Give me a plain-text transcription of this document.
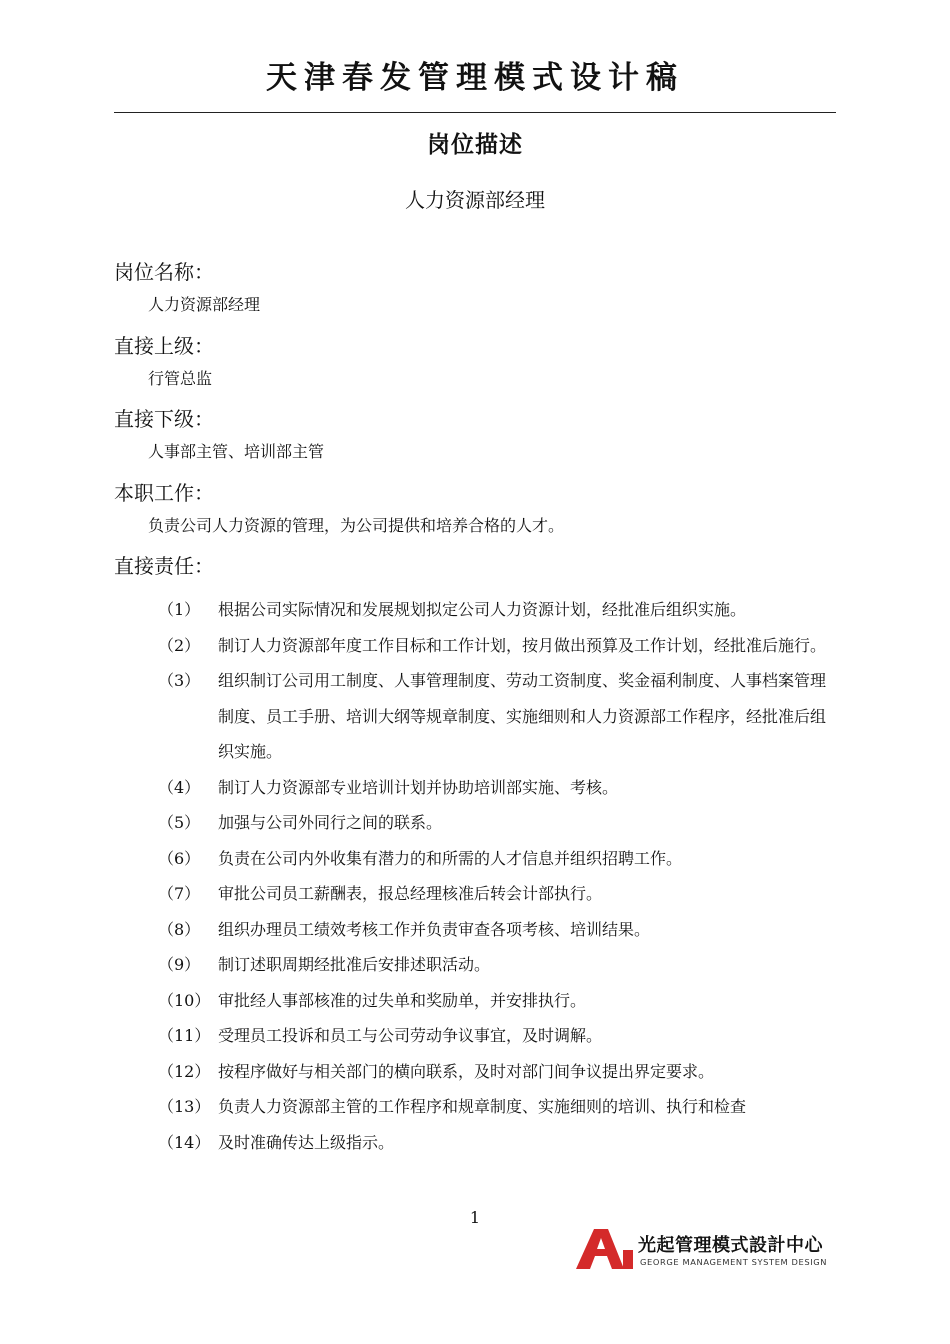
天津春发管理模式设计稿
岗位描述
人力资源部经理
岗位名称：
人力资源部经理
直接上级：
行管总监
直接下级：
人事部主管、培训部主管
本职工作：
负责公司人力资源的管理，为公司提供和培养合格的人才。
直接责任：
（1）	根据公司实际情况和发展规划拟定公司人力资源计划，经批准后组织实施。
（2）	制订人力资源部年度工作目标和工作计划，按月做出预算及工作计划，经批准后施行。
（3）	组织制订公司用工制度、人事管理制度、劳动工资制度、奖金福利制度、人事档案管理制度、员工手册、培训大纲等规章制度、实施细则和人力资源部工作程序，经批准后组织实施。
（4）	制订人力资源部专业培训计划并协助培训部实施、考核。
（5）	加强与公司外同行之间的联系。
（6）	负责在公司内外收集有潜力的和所需的人才信息并组织招聘工作。
（7）	审批公司员工薪酬表，报总经理核准后转会计部执行。
（8）	组织办理员工绩效考核工作并负责审查各项考核、培训结果。
（9）	制订述职周期经批准后安排述职活动。
（10） 审批经人事部核准的过失单和奖励单，并安排执行。
（11） 受理员工投诉和员工与公司劳动争议事宜，及时调解。
（12） 按程序做好与相关部门的横向联系，及时对部门间争议提出界定要求。
（13） 负责人力资源部主管的工作程序和规章制度、实施细则的培训、执行和检查
（14） 及时准确传达上级指示。
1
光起管理模式設計中心
GEORGE MANAGEMENT SYSTEM DESIGN
